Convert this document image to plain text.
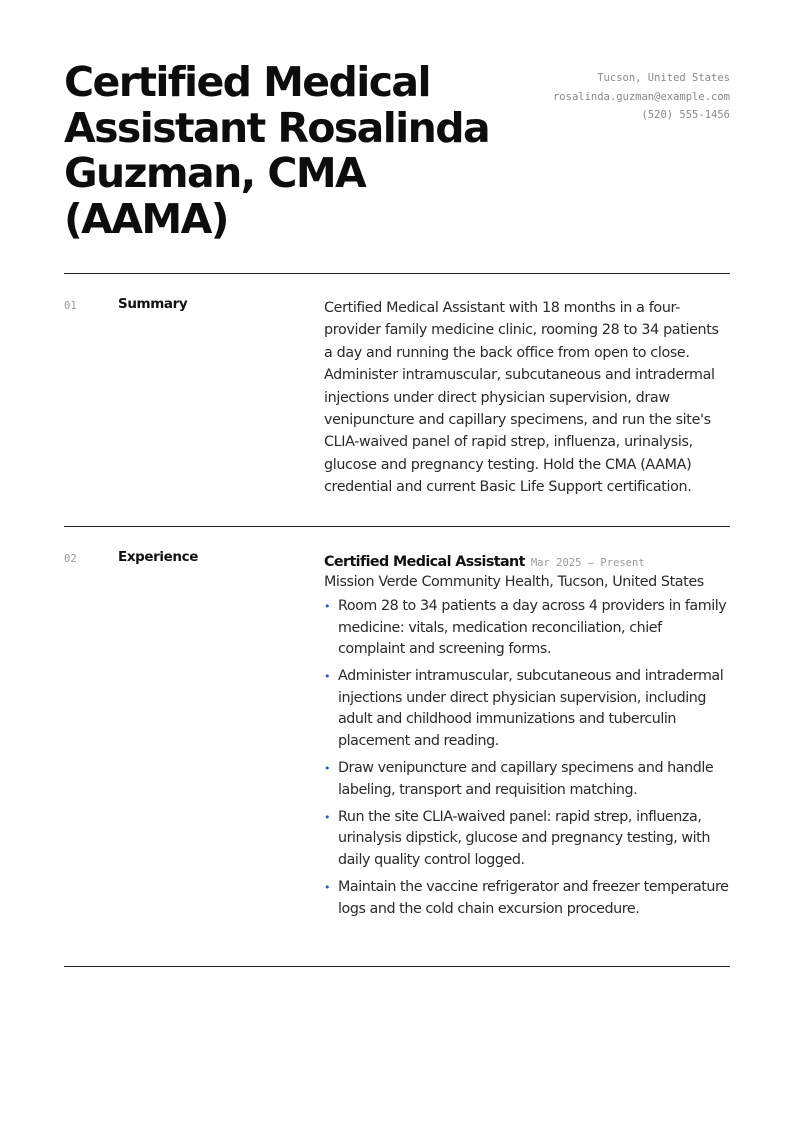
Certified Medical Assistant Rosalinda Guzman, CMA (AAMA)
Tucson, United States
rosalinda.guzman@example.com
(520) 555-1456
01	Summary	Certified Medical Assistant with 18 months in a four-provider family medicine clinic, rooming 28 to 34 patients a day and running the back office from open to close. Administer intramuscular, subcutaneous and intradermal injections under direct physician supervision, draw venipuncture and capillary specimens, and run the site's CLIA-waived panel of rapid strep, influenza, urinalysis, glucose and pregnancy testing. Hold the CMA (AAMA) credential and current Basic Life Support certification.

02	Experience	Certified Medical Assistant Mar 2025 — Present
Mission Verde Community Health, Tucson, United States
• Room 28 to 34 patients a day across 4 providers in family medicine: vitals, medication reconciliation, chief complaint and screening forms.
• Administer intramuscular, subcutaneous and intradermal injections under direct physician supervision, including adult and childhood immunizations and tuberculin placement and reading.
• Draw venipuncture and capillary specimens and handle labeling, transport and requisition matching.
• Run the site CLIA-waived panel: rapid strep, influenza, urinalysis dipstick, glucose and pregnancy testing, with daily quality control logged.
• Maintain the vaccine refrigerator and freezer temperature logs and the cold chain excursion procedure.
